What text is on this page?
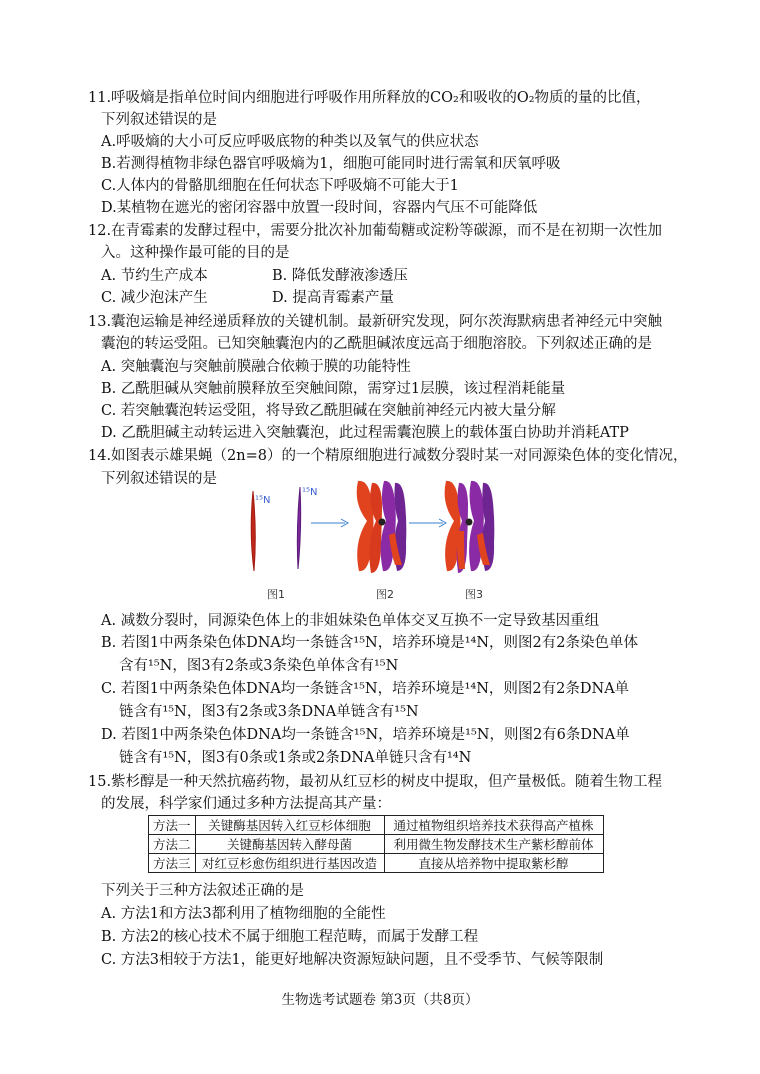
11.呼吸熵是指单位时间内细胞进行呼吸作用所释放的CO₂和吸收的O₂物质的量的比值，
下列叙述错误的是
A.呼吸熵的大小可反应呼吸底物的种类以及氧气的供应状态
B.若测得植物非绿色器官呼吸熵为1，细胞可能同时进行需氧和厌氧呼吸
C.人体内的骨骼肌细胞在任何状态下呼吸熵不可能大于1
D.某植物在遮光的密闭容器中放置一段时间，容器内气压不可能降低
12.在青霉素的发酵过程中，需要分批次补加葡萄糖或淀粉等碳源，而不是在初期一次性加
入。这种操作最可能的目的是
A. 节约生产成本	B. 降低发酵液渗透压
C. 减少泡沫产生	D. 提高青霉素产量
13.囊泡运输是神经递质释放的关键机制。最新研究发现，阿尔茨海默病患者神经元中突触
囊泡的转运受阻。已知突触囊泡内的乙酰胆碱浓度远高于细胞溶胶。下列叙述正确的是
A. 突触囊泡与突触前膜融合依赖于膜的功能特性
B. 乙酰胆碱从突触前膜释放至突触间隙，需穿过1层膜，该过程消耗能量
C. 若突触囊泡转运受阻，将导致乙酰胆碱在突触前神经元内被大量分解
D. 乙酰胆碱主动转运进入突触囊泡，此过程需囊泡膜上的载体蛋白协助并消耗ATP
14.如图表示雄果蝇（2n=8）的一个精原细胞进行减数分裂时某一对同源染色体的变化情况，
下列叙述错误的是
¹⁵N
¹⁵N
图1	图2	图3
A. 减数分裂时，同源染色体上的非姐妹染色单体交叉互换不一定导致基因重组
B. 若图1中两条染色体DNA均一条链含¹⁵N，培养环境是¹⁴N，则图2有2条染色单体
含有¹⁵N，图3有2条或3条染色单体含有¹⁵N
C. 若图1中两条染色体DNA均一条链含¹⁵N，培养环境是¹⁴N，则图2有2条DNA单
链含有¹⁵N，图3有2条或3条DNA单链含有¹⁵N
D. 若图1中两条染色体DNA均一条链含¹⁵N，培养环境是¹⁵N，则图2有6条DNA单
链含有¹⁵N，图3有0条或1条或2条DNA单链只含有¹⁴N
15.紫杉醇是一种天然抗癌药物，最初从红豆杉的树皮中提取，但产量极低。随着生物工程
的发展，科学家们通过多种方法提高其产量：
方法一	关键酶基因转入红豆杉体细胞	通过植物组织培养技术获得高产植株
方法二	关键酶基因转入酵母菌	利用微生物发酵技术生产紫杉醇前体
方法三	对红豆杉愈伤组织进行基因改造	直接从培养物中提取紫杉醇
下列关于三种方法叙述正确的是
A. 方法1和方法3都利用了植物细胞的全能性
B. 方法2的核心技术不属于细胞工程范畴，而属于发酵工程
C. 方法3相较于方法1，能更好地解决资源短缺问题，且不受季节、气候等限制
生物选考试题卷 第3页（共8页）
